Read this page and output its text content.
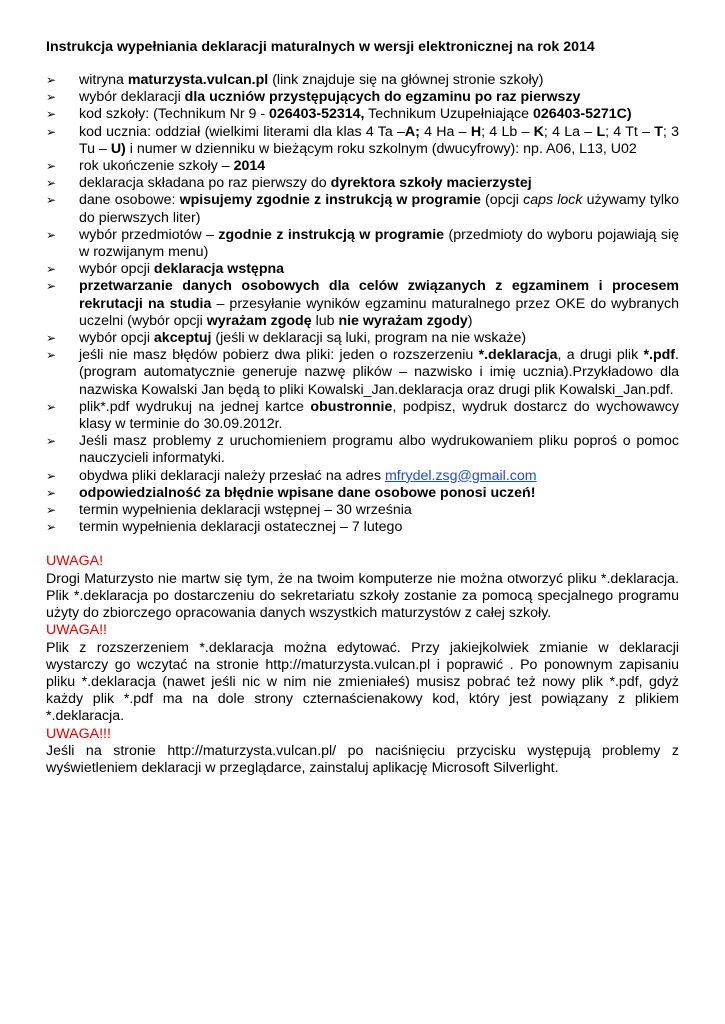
Instrukcja wypełniania deklaracji maturalnych w wersji elektronicznej na rok 2014
➢ witryna maturzysta.vulcan.pl (link znajduje się na głównej stronie szkoły)
➢ wybór deklaracji dla uczniów przystępujących do egzaminu po raz pierwszy
➢ kod szkoły: (Technikum Nr 9 - 026403-52314, Technikum Uzupełniające 026403-5271C)
➢ kod ucznia: oddział (wielkimi literami dla klas 4 Ta –A; 4 Ha – H; 4 Lb – K; 4 La – L; 4 Tt – T; 3 Tu – U) i numer w dzienniku w bieżącym roku szkolnym (dwucyfrowy): np. A06, L13, U02
➢ rok ukończenie szkoły – 2014
➢ deklaracja składana po raz pierwszy do dyrektora szkoły macierzystej
➢ dane osobowe: wpisujemy zgodnie z instrukcją w programie (opcji caps lock używamy tylko do pierwszych liter)
➢ wybór przedmiotów – zgodnie z instrukcją w programie (przedmioty do wyboru pojawiają się w rozwijanym menu)
➢ wybór opcji deklaracja wstępna
➢ przetwarzanie danych osobowych dla celów związanych z egzaminem i procesem rekrutacji na studia – przesyłanie wyników egzaminu maturalnego przez OKE do wybranych uczelni (wybór opcji wyrażam zgodę lub nie wyrażam zgody)
➢ wybór opcji akceptuj (jeśli w deklaracji są luki, program na nie wskaże)
➢ jeśli nie masz błędów pobierz dwa pliki: jeden o rozszerzeniu *.deklaracja, a drugi plik *.pdf. (program automatycznie generuje nazwę plików – nazwisko i imię ucznia).Przykładowo dla nazwiska Kowalski Jan będą to pliki Kowalski_Jan.deklaracja oraz drugi plik Kowalski_Jan.pdf.
➢ plik*.pdf wydrukuj na jednej kartce obustronnie, podpisz, wydruk dostarcz do wychowawcy klasy w terminie do 30.09.2012r.
➢ Jeśli masz problemy z uruchomieniem programu albo wydrukowaniem pliku poproś o pomoc nauczycieli informatyki.
➢ obydwa pliki deklaracji należy przesłać na adres mfrydel.zsg@gmail.com
➢ odpowiedzialność za błędnie wpisane dane osobowe ponosi uczeń!
➢ termin wypełnienia deklaracji wstępnej – 30 września
➢ termin wypełnienia deklaracji ostatecznej – 7 lutego

UWAGA!

Drogi Maturzysto nie martw się tym, że na twoim komputerze nie można otworzyć pliku *.deklaracja. Plik *.deklaracja po dostarczeniu do sekretariatu szkoły zostanie za pomocą specjalnego programu użyty do zbiorczego opracowania danych wszystkich maturzystów z całej szkoły.

UWAGA!!

Plik z rozszerzeniem *.deklaracja można edytować. Przy jakiejkolwiek zmianie w deklaracji wystarczy go wczytać na stronie http://maturzysta.vulcan.pl i poprawić . Po ponownym zapisaniu pliku *.deklaracja (nawet jeśli nic w nim nie zmieniałeś) musisz pobrać też nowy plik *.pdf, gdyż każdy plik *.pdf ma na dole strony czternaścienakowy kod, który jest powiązany z plikiem *.deklaracja.

UWAGA!!!

Jeśli na stronie http://maturzysta.vulcan.pl/ po naciśnięciu przycisku występują problemy z wyświetleniem deklaracji w przeglądarce, zainstaluj aplikację Microsoft Silverlight.
